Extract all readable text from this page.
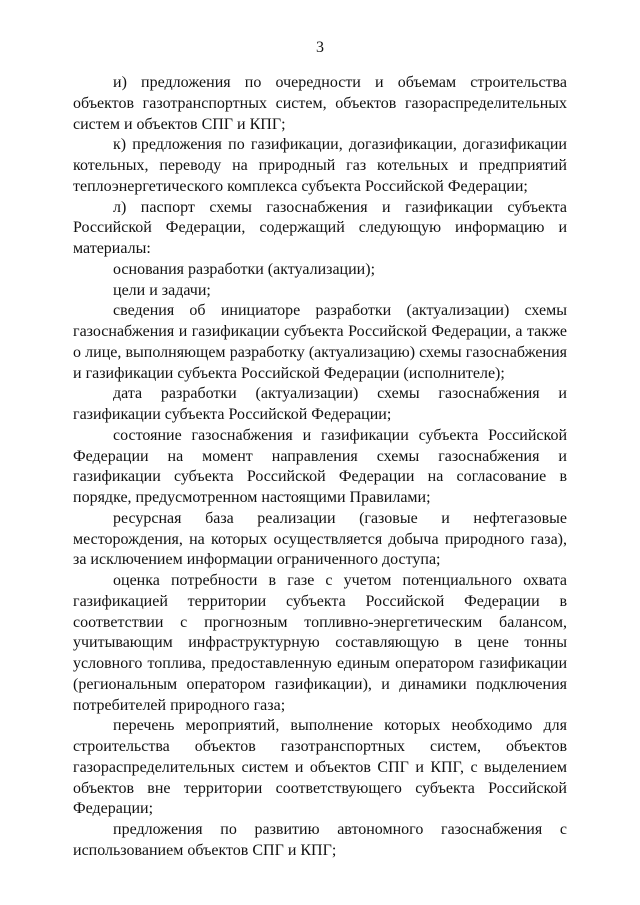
3

и) предложения по очередности и объемам строительства объектов газотранспортных систем, объектов газораспределительных систем и объектов СПГ и КПГ;

к) предложения по газификации, догазификации, догазификации котельных, переводу на природный газ котельных и предприятий теплоэнергетического комплекса субъекта Российской Федерации;

л) паспорт схемы газоснабжения и газификации субъекта Российской Федерации, содержащий следующую информацию и материалы:

основания разработки (актуализации);

цели и задачи;

сведения об инициаторе разработки (актуализации) схемы газоснабжения и газификации субъекта Российской Федерации, а также о лице, выполняющем разработку (актуализацию) схемы газоснабжения и газификации субъекта Российской Федерации (исполнителе);

дата разработки (актуализации) схемы газоснабжения и газификации субъекта Российской Федерации;

состояние газоснабжения и газификации субъекта Российской Федерации на момент направления схемы газоснабжения и газификации субъекта Российской Федерации на согласование в порядке, предусмотренном настоящими Правилами;

ресурсная база реализации (газовые и нефтегазовые месторождения, на которых осуществляется добыча природного газа), за исключением информации ограниченного доступа;

оценка потребности в газе с учетом потенциального охвата газификацией территории субъекта Российской Федерации в соответствии с прогнозным топливно-энергетическим балансом, учитывающим инфраструктурную составляющую в цене тонны условного топлива, предоставленную единым оператором газификации (региональным оператором газификации), и динамики подключения потребителей природного газа;

перечень мероприятий, выполнение которых необходимо для строительства объектов газотранспортных систем, объектов газораспределительных систем и объектов СПГ и КПГ, с выделением объектов вне территории соответствующего субъекта Российской Федерации;

предложения по развитию автономного газоснабжения с использованием объектов СПГ и КПГ;
